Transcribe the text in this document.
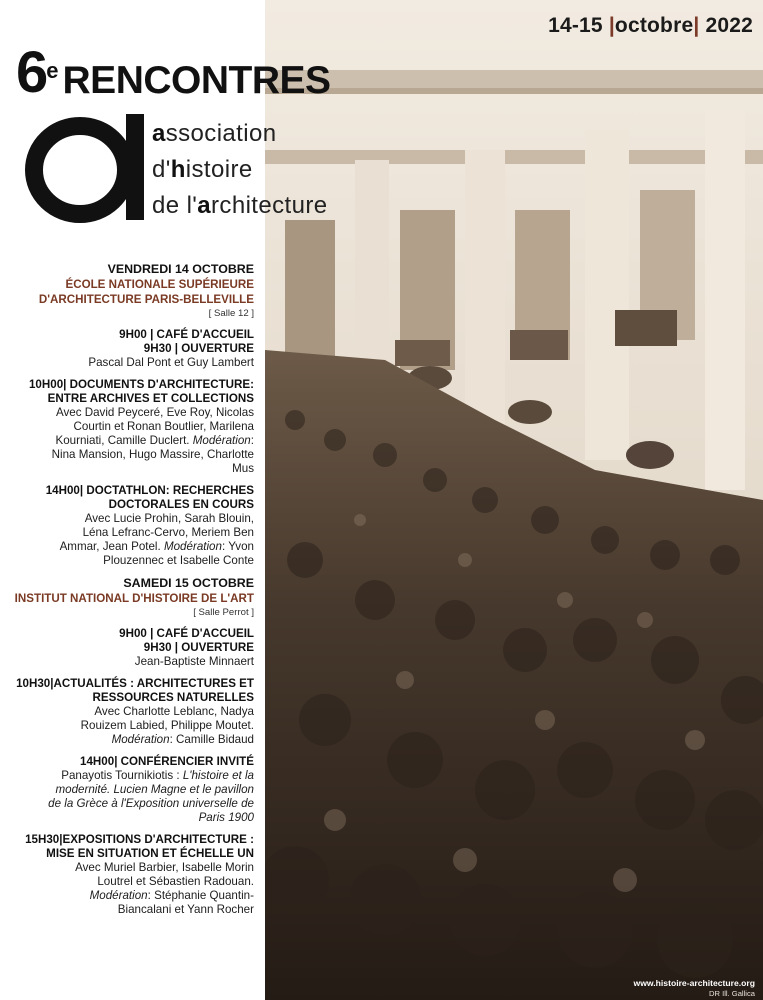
14-15 |octobre| 2022
6e RENCONTRES
association
d'histoire
de l'architecture
VENDREDI 14 OCTOBRE
ÉCOLE NATIONALE SUPÉRIEURE
D'ARCHITECTURE PARIS-BELLEVILLE
[ Salle 12 ]
9H00 | CAFÉ D'ACCUEIL
9H30 | OUVERTURE
Pascal Dal Pont et Guy Lambert
10H00| DOCUMENTS D'ARCHITECTURE:
ENTRE ARCHIVES ET COLLECTIONS
Avec David Peyceré, Eve Roy, Nicolas
Courtin et Ronan Boutlier, Marilena
Kourniati, Camille Duclert. Modération:
Nina Mansion, Hugo Massire, Charlotte
Mus
14H00| DOCTATHLON: RECHERCHES
DOCTORALES EN COURS
Avec Lucie Prohin, Sarah Blouin,
Léna Lefranc-Cervo, Meriem Ben
Ammar, Jean Potel. Modération: Yvon
Plouzennec et Isabelle Conte
SAMEDI 15 OCTOBRE
INSTITUT NATIONAL D'HISTOIRE DE L'ART
[ Salle Perrot ]
9H00 | CAFÉ D'ACCUEIL
9H30 | OUVERTURE
Jean-Baptiste Minnaert
10H30|ACTUALITÉS : ARCHITECTURES ET
RESSOURCES NATURELLES
Avec Charlotte Leblanc, Nadya
Rouizem Labied, Philippe Moutet.
Modération: Camille Bidaud
14H00| CONFÉRENCIER INVITÉ
Panayotis Tournikiotis : L'histoire et la
modernité. Lucien Magne et le pavillon
de la Grèce à l'Exposition universelle de
Paris 1900
15H30|EXPOSITIONS D'ARCHITECTURE :
MISE EN SITUATION ET ÉCHELLE UN
Avec Muriel Barbier, Isabelle Morin
Loutrel et Sébastien Radouan.
Modération: Stéphanie Quantin-
Biancalani et Yann Rocher
www.histoire-architecture.org
DR Ill. Gallica
